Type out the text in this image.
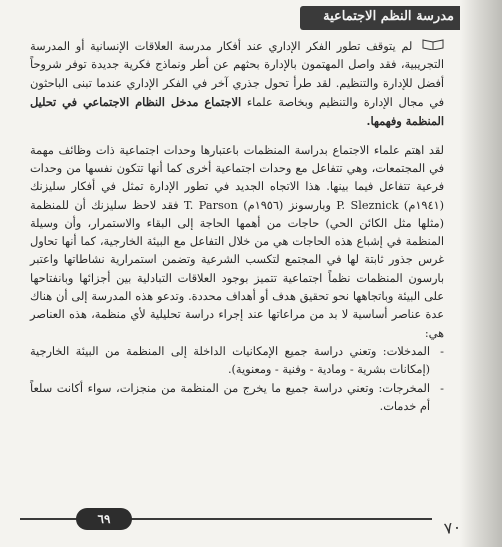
مدرسة النظم الاجتماعية

لم يتوقف تطور الفكر الإداري عند أفكار مدرسة العلاقات الإنسانية أو المدرسة التجريبية، فقد واصل المهتمون بالإدارة بحثهم عن أطر ونماذج فكرية جديدة توفر شروحاً أفضل للإدارة والتنظيم. لقد طرأ تحول جذري آخر في الفكر الإداري عندما تبنى الباحثون في مجال الإدارة والتنظيم وبخاصة علماء الاجتماع مدخل النظام الاجتماعي في تحليل المنظمة وفهمها.

لقد اهتم علماء الاجتماع بدراسة المنظمات باعتبارها وحدات اجتماعية ذات وظائف مهمة في المجتمعات، وهي تتفاعل مع وحدات اجتماعية أخرى كما أنها تتكون نفسها من وحدات فرعية تتفاعل فيما بينها. هذا الاتجاه الجديد في تطور الإدارة تمثل في أفكار سليزنك (١٩٤١م) P. Sleznick وبارسونز (١٩٥٦م) T. Parson فقد لاحظ سليزنك أن للمنظمة (مثلها مثل الكائن الحي) حاجات من أهمها الحاجة إلى البقاء والاستمرار، وأن وسيلة المنظمة في إشباع هذه الحاجات هي من خلال التفاعل مع البيئة الخارجية، كما أنها تحاول غرس جذور ثابتة لها في المجتمع لتكسب الشرعية وتضمن استمرارية نشاطاتها واعتبر بارسون المنظمات نظماً اجتماعية تتميز بوجود العلاقات التبادلية بين أجزائها وبانفتاحها على البيئة وباتجاهها نحو تحقيق هدف أو أهداف محددة. وتدعو هذه المدرسة إلى أن هناك عدة عناصر أساسية لا بد من مراعاتها عند إجراء دراسة تحليلية لأي منظمة، هذه العناصر هي:

- المدخلات: وتعني دراسة جميع الإمكانيات الداخلة إلى المنظمة من البيئة الخارجية (إمكانات بشرية - ومادية - وفنية - ومعنوية).

- المخرجات: وتعني دراسة جميع ما يخرج من المنظمة من منجزات، سواء أكانت سلعاً أم خدمات.

٦٩	٧٠
